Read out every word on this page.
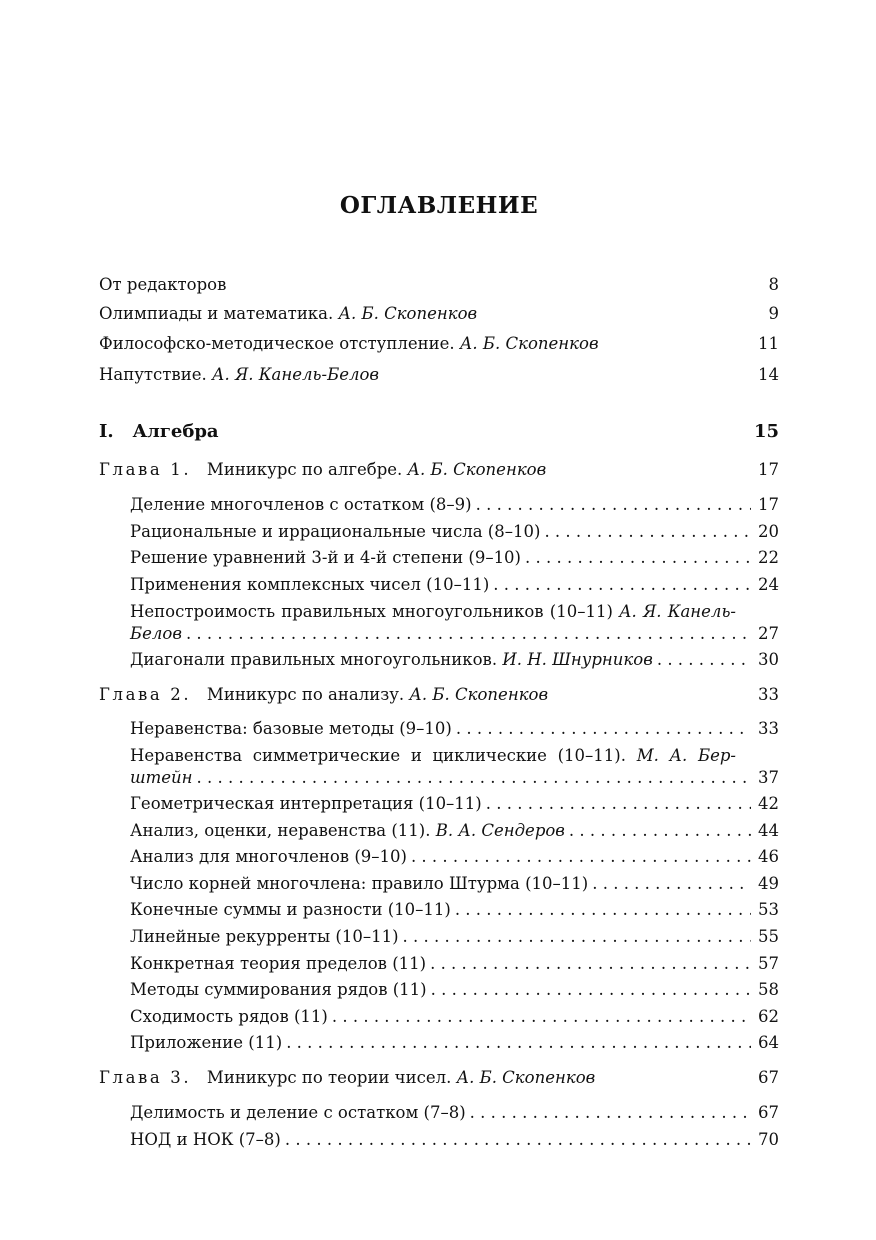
ОГЛАВЛЕНИЕ
От редакторов	8
Олимпиады и математика. А. Б. Скопенков	9
Философско-методическое отступление. А. Б. Скопенков	11
Напутствие. А. Я. Канель-Белов	14
I. Алгебра	15
Глава 1. Миникурс по алгебре. А. Б. Скопенков	17
Деление многочленов с остатком (8–9) . . .	17
Рациональные и иррациональные числа (8–10) . . .	20
Решение уравнений 3-й и 4-й степени (9–10) . . .	22
Применения комплексных чисел (10–11) . . .	24
Непостроимость правильных многоугольников (10–11) А. Я. Канель-
Белов . . .	27
Диагонали правильных многоугольников. И. Н. Шнурников . . .	30
Глава 2. Миникурс по анализу. А. Б. Скопенков	33
Неравенства: базовые методы (9–10) . . .	33
Неравенства симметрические и циклические (10–11). М. А. Бер-
штейн . . .	37
Геометрическая интерпретация (10–11) . . .	42
Анализ, оценки, неравенства (11). В. А. Сендеров . . .	44
Анализ для многочленов (9–10) . . .	46
Число корней многочлена: правило Штурма (10–11) . . .	49
Конечные суммы и разности (10–11) . . .	53
Линейные рекурренты (10–11) . . .	55
Конкретная теория пределов (11) . . .	57
Методы суммирования рядов (11) . . .	58
Сходимость рядов (11) . . .	62
Приложение (11) . . .	64
Глава 3. Миникурс по теории чисел. А. Б. Скопенков	67
Делимость и деление с остатком (7–8) . . .	67
НОД и НОК (7–8) . . .	70
